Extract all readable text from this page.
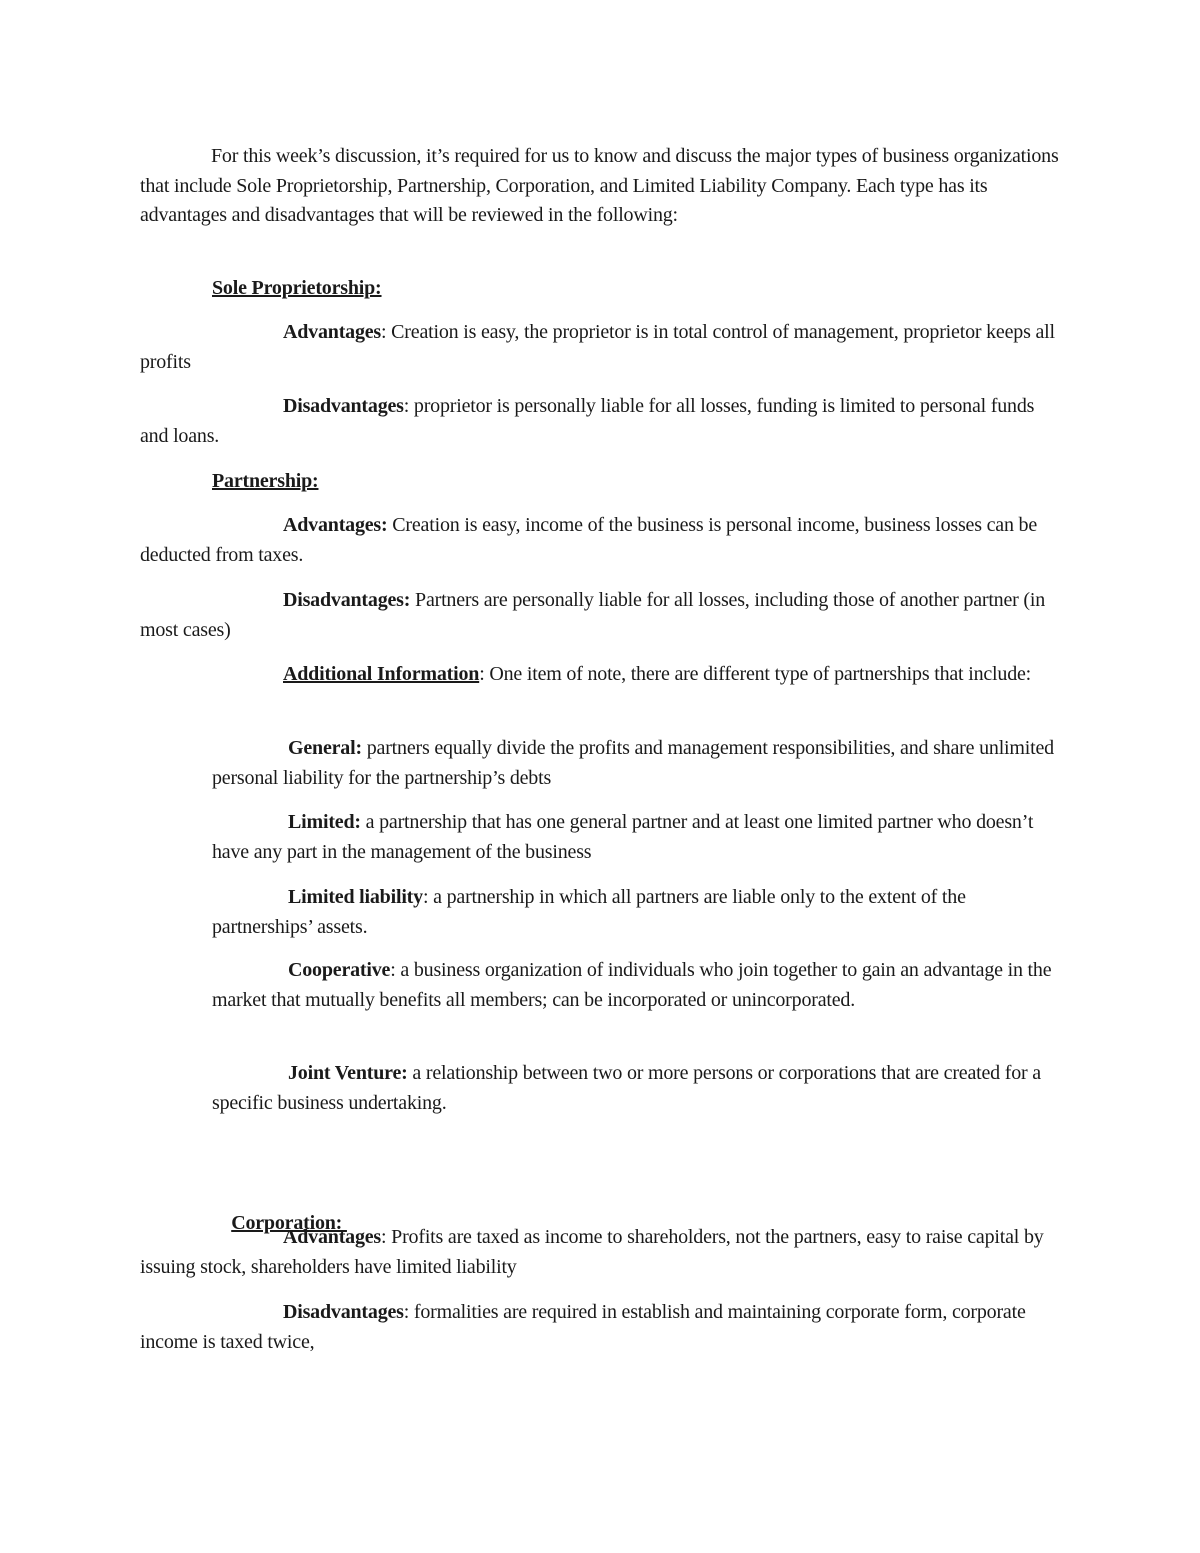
For this week’s discussion, it’s required for us to know and discuss the major types of business organizations that include Sole Proprietorship, Partnership, Corporation, and Limited Liability Company. Each type has its advantages and disadvantages that will be reviewed in the following:

Sole Proprietorship:

Advantages: Creation is easy, the proprietor is in total control of management, proprietor keeps all profits

Disadvantages: proprietor is personally liable for all losses, funding is limited to personal funds and loans.

Partnership:

Advantages: Creation is easy, income of the business is personal income, business losses can be deducted from taxes.

Disadvantages: Partners are personally liable for all losses, including those of another partner (in most cases)

Additional Information: One item of note, there are different type of partnerships that include:

General: partners equally divide the profits and management responsibilities, and share unlimited personal liability for the partnership’s debts

Limited: a partnership that has one general partner and at least one limited partner who doesn’t have any part in the management of the business

Limited liability: a partnership in which all partners are liable only to the extent of the partnerships’ assets.

Cooperative: a business organization of individuals who join together to gain an advantage in the market that mutually benefits all members; can be incorporated or unincorporated.

Joint Venture: a relationship between two or more persons or corporations that are created for a specific business undertaking.

Corporation:

Advantages: Profits are taxed as income to shareholders, not the partners, easy to raise capital by issuing stock, shareholders have limited liability

Disadvantages: formalities are required in establish and maintaining corporate form, corporate income is taxed twice,
